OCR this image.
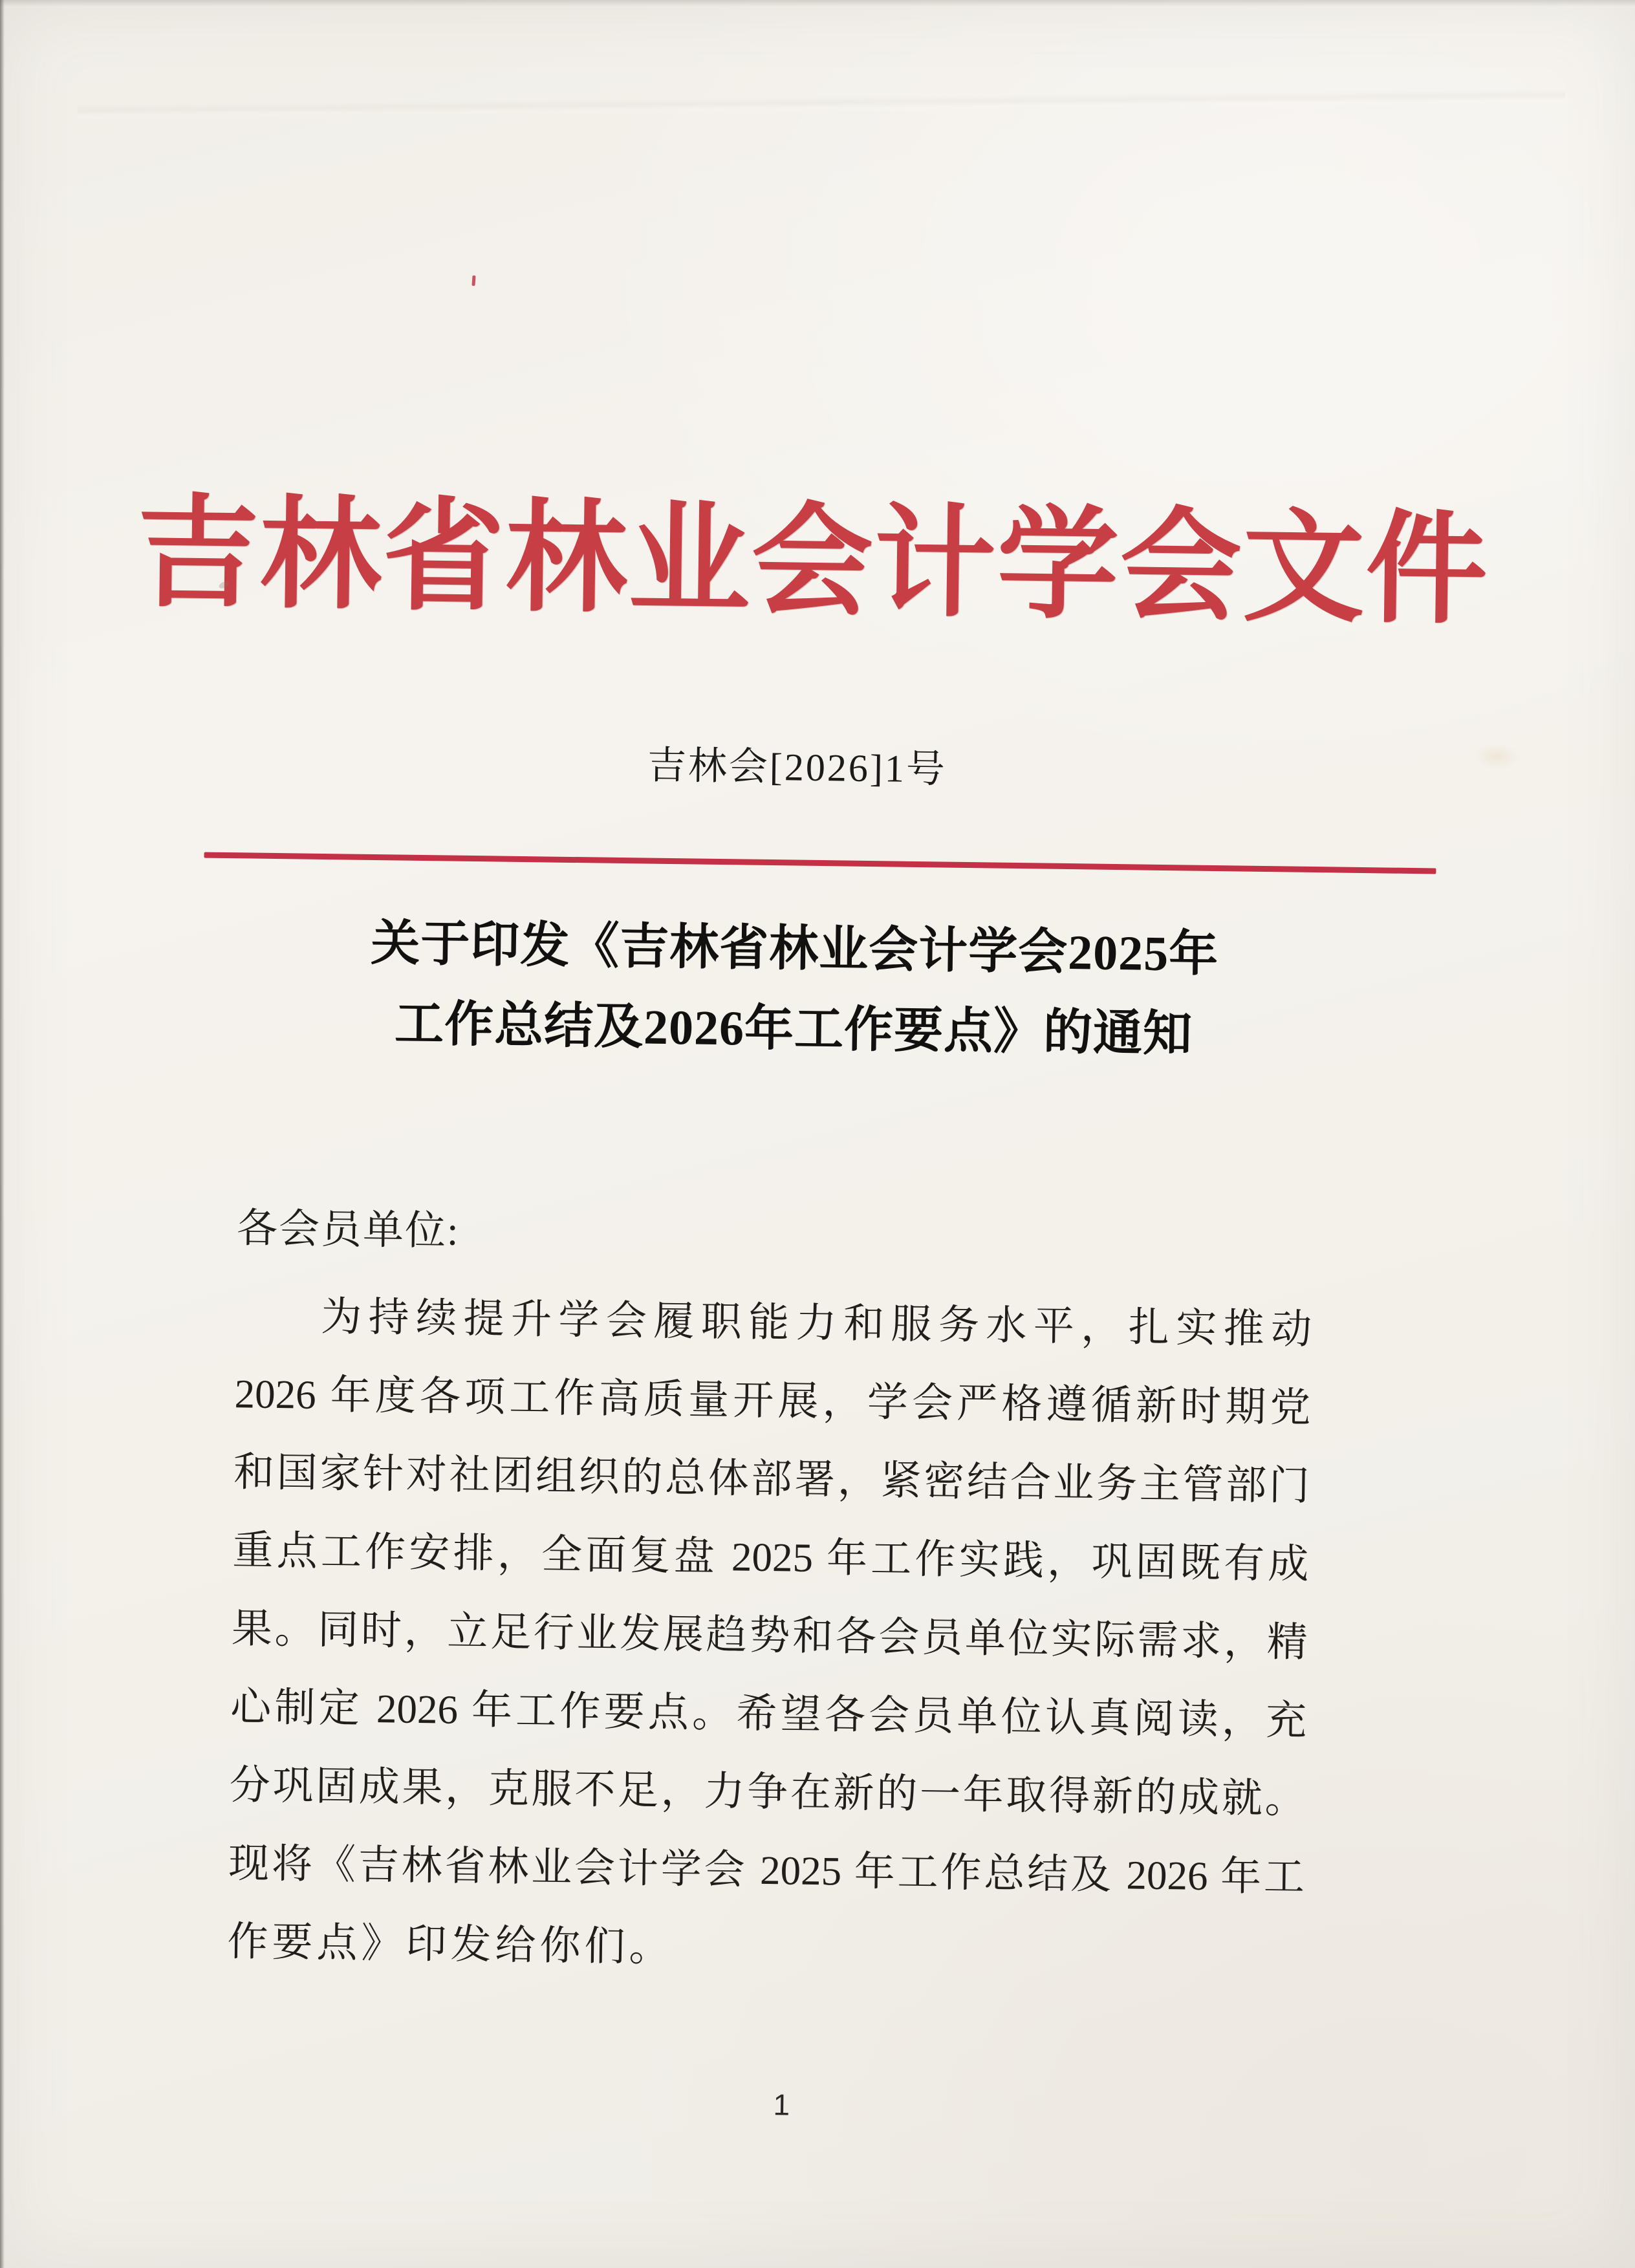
吉林省林业会计学会文件
吉林会[2026]1号
关于印发《吉林省林业会计学会2025年
工作总结及2026年工作要点》的通知
各会员单位:
为持续提升学会履职能力和服务水平，扎实推动
2026 年度各项工作高质量开展，学会严格遵循新时期党
和国家针对社团组织的总体部署，紧密结合业务主管部门
重点工作安排，全面复盘 2025 年工作实践，巩固既有成
果。同时，立足行业发展趋势和各会员单位实际需求，精
心制定 2026 年工作要点。希望各会员单位认真阅读，充
分巩固成果，克服不足，力争在新的一年取得新的成就。
现将《吉林省林业会计学会 2025 年工作总结及 2026 年工
作要点》印发给你们。
1
